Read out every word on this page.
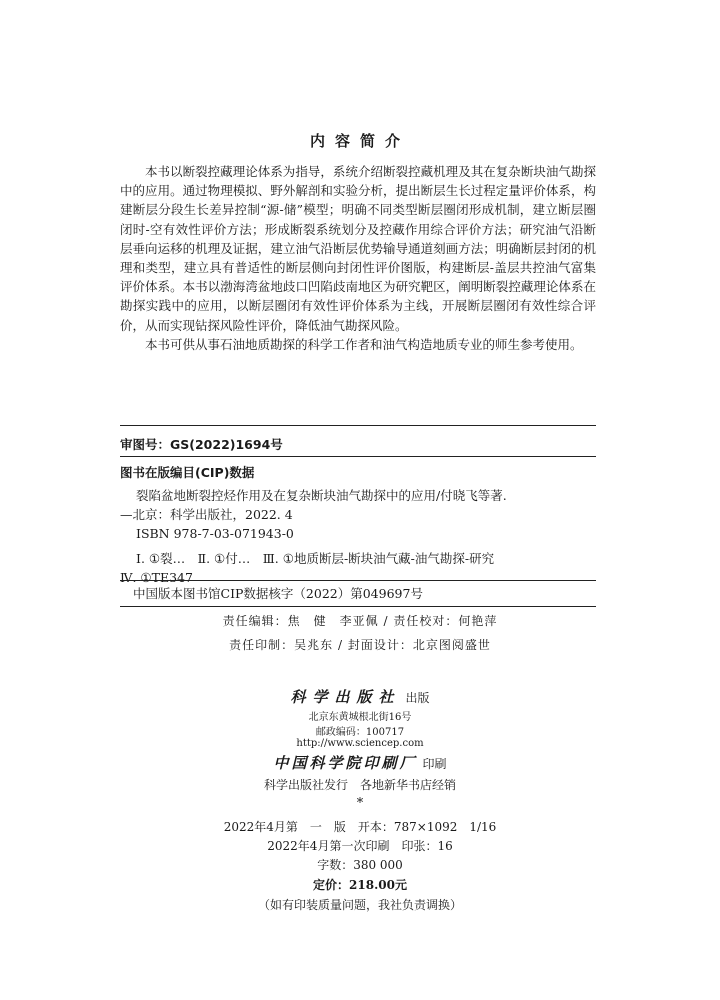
内容简介

本书以断裂控藏理论体系为指导，系统介绍断裂控藏机理及其在复杂断块油气勘探中的应用。通过物理模拟、野外解剖和实验分析，提出断层生长过程定量评价体系，构建断层分段生长差异控制“源-储”模型；明确不同类型断层圈闭形成机制，建立断层圈闭时-空有效性评价方法；形成断裂系统划分及控藏作用综合评价方法；研究油气沿断层垂向运移的机理及证据，建立油气沿断层优势输导通道刻画方法；明确断层封闭的机理和类型，建立具有普适性的断层侧向封闭性评价图版，构建断层-盖层共控油气富集评价体系。本书以渤海湾盆地歧口凹陷歧南地区为研究靶区，阐明断裂控藏理论体系在勘探实践中的应用，以断层圈闭有效性评价体系为主线，开展断层圈闭有效性综合评价，从而实现钻探风险性评价，降低油气勘探风险。

本书可供从事石油地质勘探的科学工作者和油气构造地质专业的师生参考使用。

审图号：GS(2022)1694号
图书在版编目(CIP)数据
裂陷盆地断裂控烃作用及在复杂断块油气勘探中的应用/付晓飞等著.
—北京：科学出版社，2022. 4
ISBN 978-7-03-071943-0
Ⅰ. ①裂…　Ⅱ. ①付…　Ⅲ. ①地质断层-断块油气藏-油气勘探-研究
Ⅳ. ①TE347
中国版本图书馆CIP数据核字（2022）第049697号
责任编辑：焦　健　李亚佩 / 责任校对：何艳萍
责任印制：吴兆东 / 封面设计：北京图阅盛世
科学出版社 出版
北京东黄城根北街16号
邮政编码：100717
http://www.sciencep.com
中国科学院印刷厂 印刷
科学出版社发行　各地新华书店经销
*
2022年4月第　一　版　开本：787×1092　1/16
2022年4月第一次印刷　印张：16
字数：380 000
定价：218.00元
（如有印装质量问题，我社负责调换）
